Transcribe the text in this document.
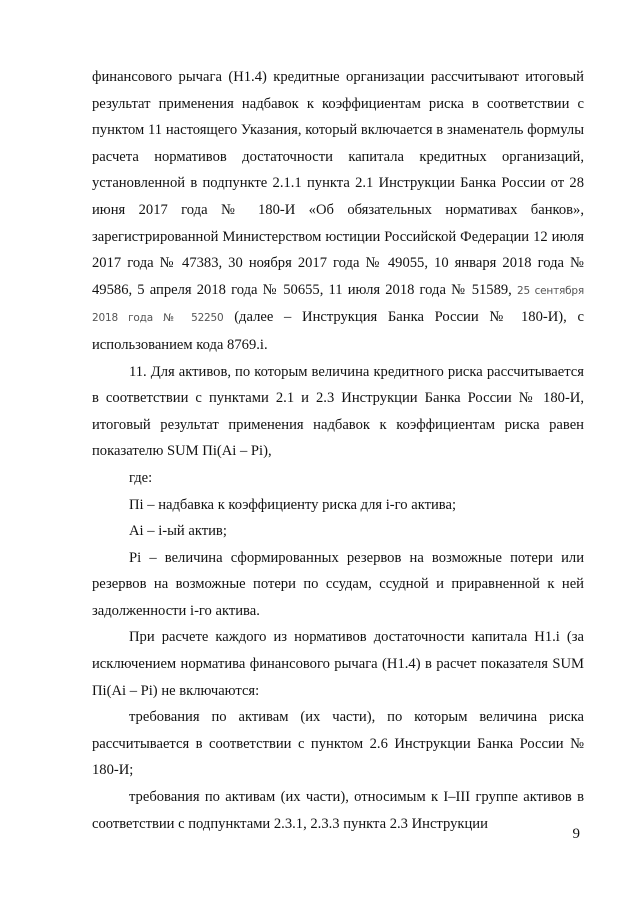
финансового рычага (Н1.4) кредитные организации рассчитывают итоговый результат применения надбавок к коэффициентам риска в соответствии с пунктом 11 настоящего Указания, который включается в знаменатель формулы расчета нормативов достаточности капитала кредитных организаций, установленной в подпункте 2.1.1 пункта 2.1 Инструкции Банка России от 28 июня 2017 года № 180-И «Об обязательных нормативах банков», зарегистрированной Министерством юстиции Российской Федерации 12 июля 2017 года № 47383, 30 ноября 2017 года № 49055, 10 января 2018 года № 49586, 5 апреля 2018 года № 50655, 11 июля 2018 года № 51589, 25 сентября 2018 года № 52250 (далее – Инструкция Банка России № 180-И), с использованием кода 8769.i.

11. Для активов, по которым величина кредитного риска рассчитывается в соответствии с пунктами 2.1 и 2.3 Инструкции Банка России № 180-И, итоговый результат применения надбавок к коэффициентам риска равен показателю SUM Пi(Ai – Pi),

где:

Пi – надбавка к коэффициенту риска для i-го актива;

Ai – i-ый актив;

Pi – величина сформированных резервов на возможные потери или резервов на возможные потери по ссудам, ссудной и приравненной к ней задолженности i-го актива.

При расчете каждого из нормативов достаточности капитала Н1.i (за исключением норматива финансового рычага (Н1.4) в расчет показателя SUM Пi(Ai – Pi) не включаются:

требования по активам (их части), по которым величина риска рассчитывается в соответствии с пунктом 2.6 Инструкции Банка России № 180-И;

требования по активам (их части), относимым к I–III группе активов в соответствии с подпунктами 2.3.1, 2.3.3 пункта 2.3 Инструкции

9
